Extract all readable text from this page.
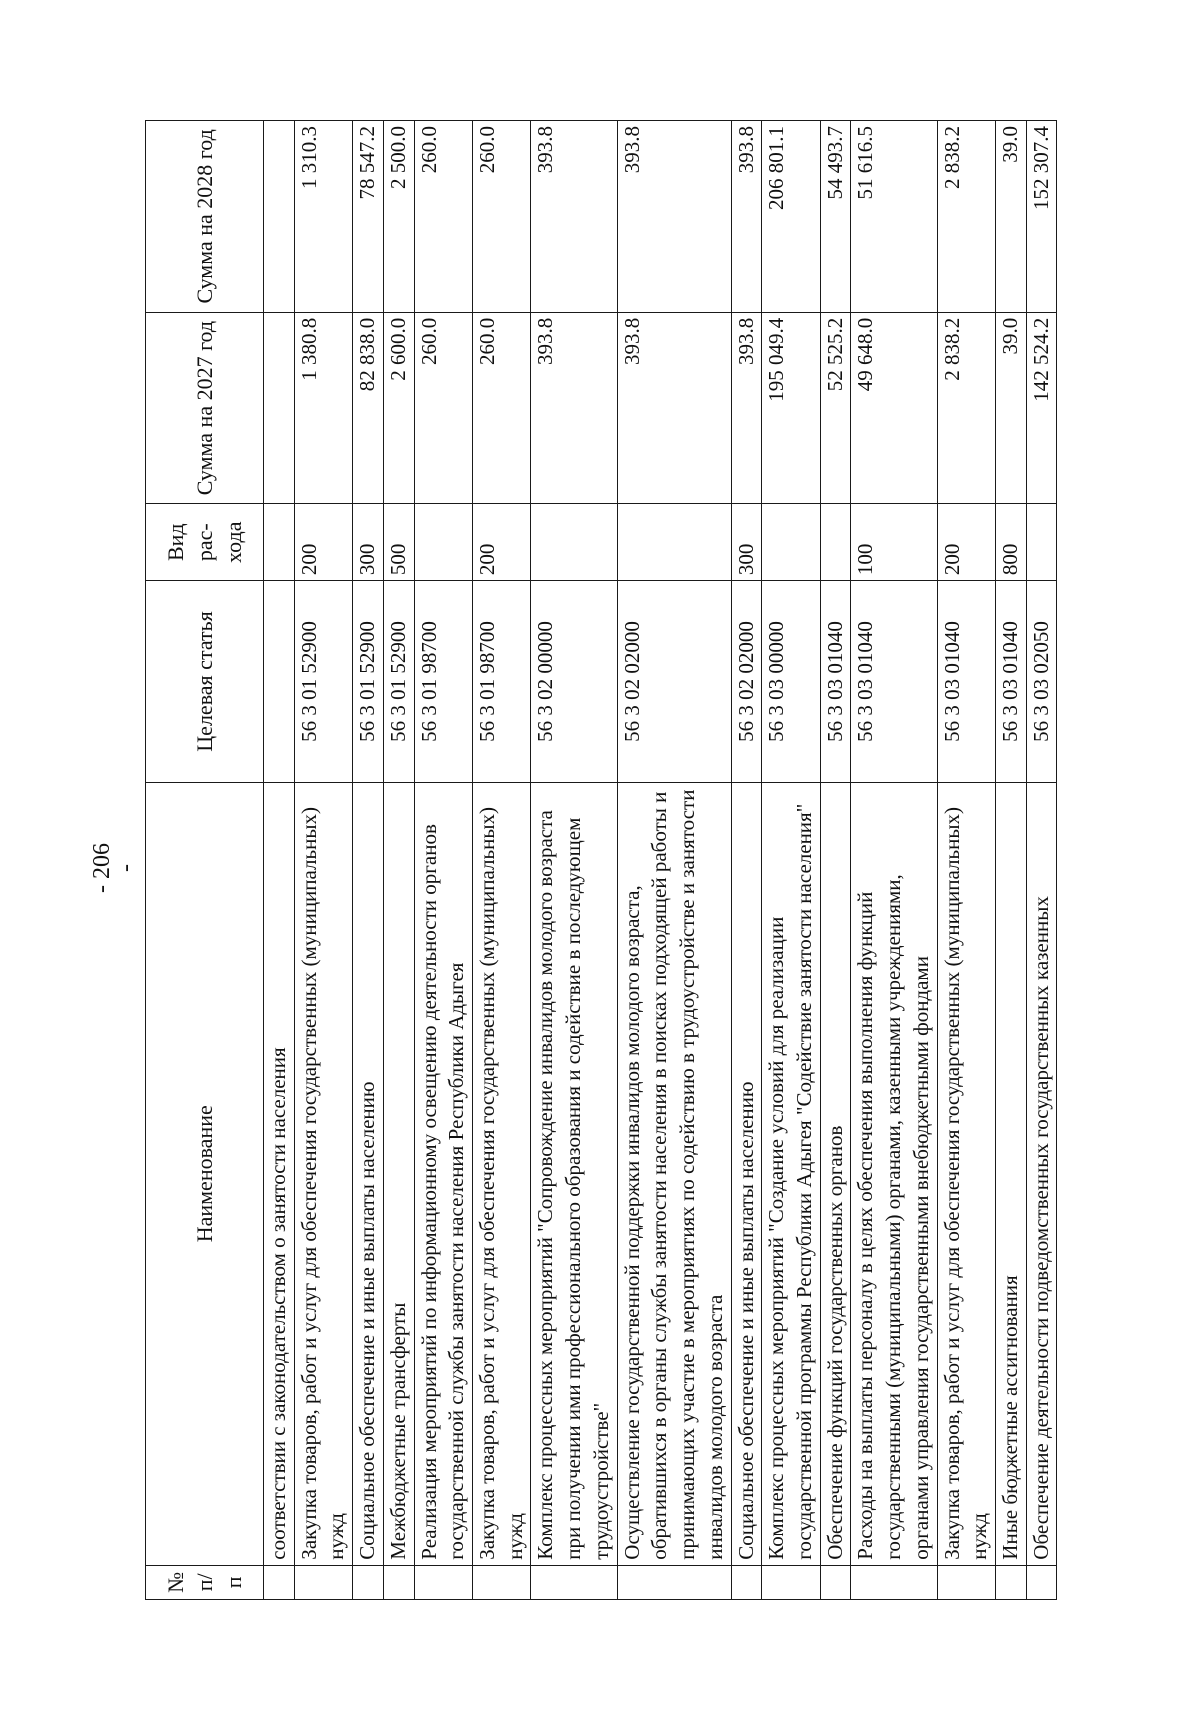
- 206 -
№ п/п	Наименование	Целевая статья	Вид рас- хода	Сумма на 2027 год	Сумма на 2028 год
	соответствии с законодательством о занятости населения				
	Закупка товаров, работ и услуг для обеспечения государственных (муниципальных) нужд	56 3 01 52900	200	1 380.8	1 310.3
	Социальное обеспечение и иные выплаты населению	56 3 01 52900	300	82 838.0	78 547.2
	Межбюджетные трансферты	56 3 01 52900	500	2 600.0	2 500.0
	Реализация мероприятий по информационному освещению деятельности органов государственной службы занятости населения Республики Адыгея	56 3 01 98700		260.0	260.0
	Закупка товаров, работ и услуг для обеспечения государственных (муниципальных) нужд	56 3 01 98700	200	260.0	260.0
	Комплекс процессных мероприятий "Сопровождение инвалидов молодого возраста при получении ими профессионального образования и содействие в последующем трудоустройстве"	56 3 02 00000		393.8	393.8
	Осуществление государственной поддержки инвалидов молодого возраста, обратившихся в органы службы занятости населения в поисках подходящей работы и принимающих участие в мероприятиях по содействию в трудоустройстве и занятости инвалидов молодого возраста	56 3 02 02000		393.8	393.8
	Социальное обеспечение и иные выплаты населению	56 3 02 02000	300	393.8	393.8
	Комплекс процессных мероприятий "Создание условий для реализации государственной программы Республики Адыгея "Содействие занятости населения"	56 3 03 00000		195 049.4	206 801.1
	Обеспечение функций государственных органов	56 3 03 01040		52 525.2	54 493.7
	Расходы на выплаты персоналу в целях обеспечения выполнения функций государственными (муниципальными) органами, казенными учреждениями, органами управления государственными внебюджетными фондами	56 3 03 01040	100	49 648.0	51 616.5
	Закупка товаров, работ и услуг для обеспечения государственных (муниципальных) нужд	56 3 03 01040	200	2 838.2	2 838.2
	Иные бюджетные ассигнования	56 3 03 01040	800	39.0	39.0
	Обеспечение деятельности подведомственных государственных казенных	56 3 03 02050		142 524.2	152 307.4
